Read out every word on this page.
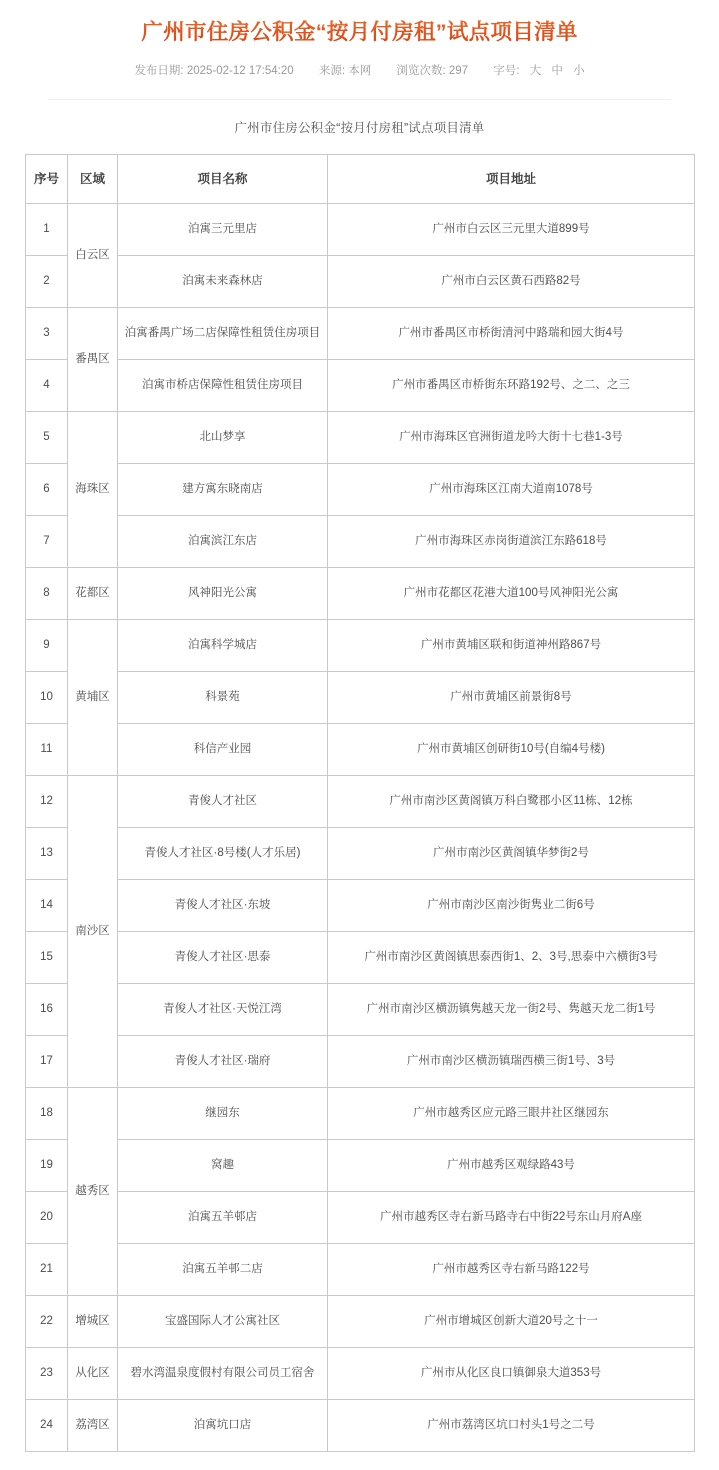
广州市住房公积金“按月付房租”试点项目清单
发布日期: 2025-02-12 17:54:20 来源: 本网 浏览次数: 297 字号: 大 中 小
广州市住房公积金“按月付房租”试点项目清单
序号	区域	项目名称	项目地址
1	白云区	泊寓三元里店	广州市白云区三元里大道899号
2		泊寓未来森林店	广州市白云区黄石西路82号
3	番禺区	泊寓番禺广场二店保障性租赁住房项目	广州市番禺区市桥街清河中路瑞和园大街4号
4		泊寓市桥店保障性租赁住房项目	广州市番禺区市桥街东环路192号、之二、之三
5	海珠区	北山梦享	广州市海珠区官洲街道龙吟大街十七巷1-3号
6		建方寓东晓南店	广州市海珠区江南大道南1078号
7		泊寓滨江东店	广州市海珠区赤岗街道滨江东路618号
8	花都区	风神阳光公寓	广州市花都区花港大道100号风神阳光公寓
9	黄埔区	泊寓科学城店	广州市黄埔区联和街道神州路867号
10		科景苑	广州市黄埔区前景街8号
11		科信产业园	广州市黄埔区创研街10号(自编4号楼)
12	南沙区	青俊人才社区	广州市南沙区黄阁镇万科白鹭郡小区11栋、12栋
13		青俊人才社区·8号楼(人才乐居)	广州市南沙区黄阁镇华梦街2号
14		青俊人才社区·东坡	广州市南沙区南沙街隽业二街6号
15		青俊人才社区·思泰	广州市南沙区黄阁镇思泰西街1、2、3号,思泰中六横街3号
16		青俊人才社区·天悦江湾	广州市南沙区横沥镇隽越天龙一街2号、隽越天龙二街1号
17		青俊人才社区·瑞府	广州市南沙区横沥镇瑞西横三街1号、3号
18	越秀区	继园东	广州市越秀区应元路三眼井社区继园东
19		窝趣	广州市越秀区观绿路43号
20		泊寓五羊邨店	广州市越秀区寺右新马路寺右中街22号东山月府A座
21		泊寓五羊邨二店	广州市越秀区寺右新马路122号
22	增城区	宝盛国际人才公寓社区	广州市增城区创新大道20号之十一
23	从化区	碧水湾温泉度假村有限公司员工宿舍	广州市从化区良口镇御泉大道353号
24	荔湾区	泊寓坑口店	广州市荔湾区坑口村头1号之二号
